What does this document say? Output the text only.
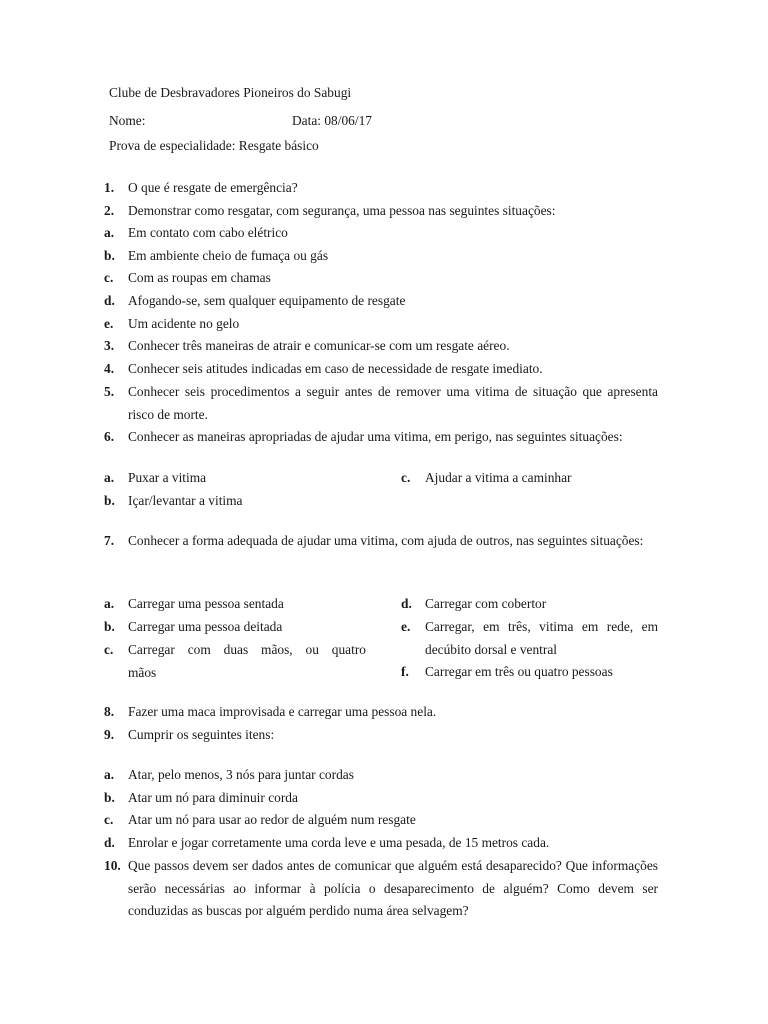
Clube de Desbravadores Pioneiros do Sabugi
Nome:	Data: 08/06/17
Prova de especialidade: Resgate básico
1. O que é resgate de emergência?
2. Demonstrar como resgatar, com segurança, uma pessoa nas seguintes situações:
a. Em contato com cabo elétrico
b. Em ambiente cheio de fumaça ou gás
c. Com as roupas em chamas
d. Afogando-se, sem qualquer equipamento de resgate
e. Um acidente no gelo
3. Conhecer três maneiras de atrair e comunicar-se com um resgate aéreo.
4. Conhecer seis atitudes indicadas em caso de necessidade de resgate imediato.
5. Conhecer seis procedimentos a seguir antes de remover uma vitima de situação que apresenta risco de morte.
6. Conhecer as maneiras apropriadas de ajudar uma vitima, em perigo, nas seguintes situações:
a. Puxar a vitima
b. Içar/levantar a vitima
c. Ajudar a vitima a caminhar
7. Conhecer a forma adequada de ajudar uma vitima, com ajuda de outros, nas seguintes situações:
a. Carregar uma pessoa sentada
b. Carregar uma pessoa deitada
c. Carregar com duas mãos, ou quatro
mãos
d. Carregar com cobertor
e. Carregar, em três, vitima em rede, em
decúbito dorsal e ventral
f. Carregar em três ou quatro pessoas
8. Fazer uma maca improvisada e carregar uma pessoa nela.
9. Cumprir os seguintes itens:
a. Atar, pelo menos, 3 nós para juntar cordas
b. Atar um nó para diminuir corda
c. Atar um nó para usar ao redor de alguém num resgate
d. Enrolar e jogar corretamente uma corda leve e uma pesada, de 15 metros cada.
10. Que passos devem ser dados antes de comunicar que alguém está desaparecido? Que informações serão necessárias ao informar à polícia o desaparecimento de alguém? Como devem ser conduzidas as buscas por alguém perdido numa área selvagem?
